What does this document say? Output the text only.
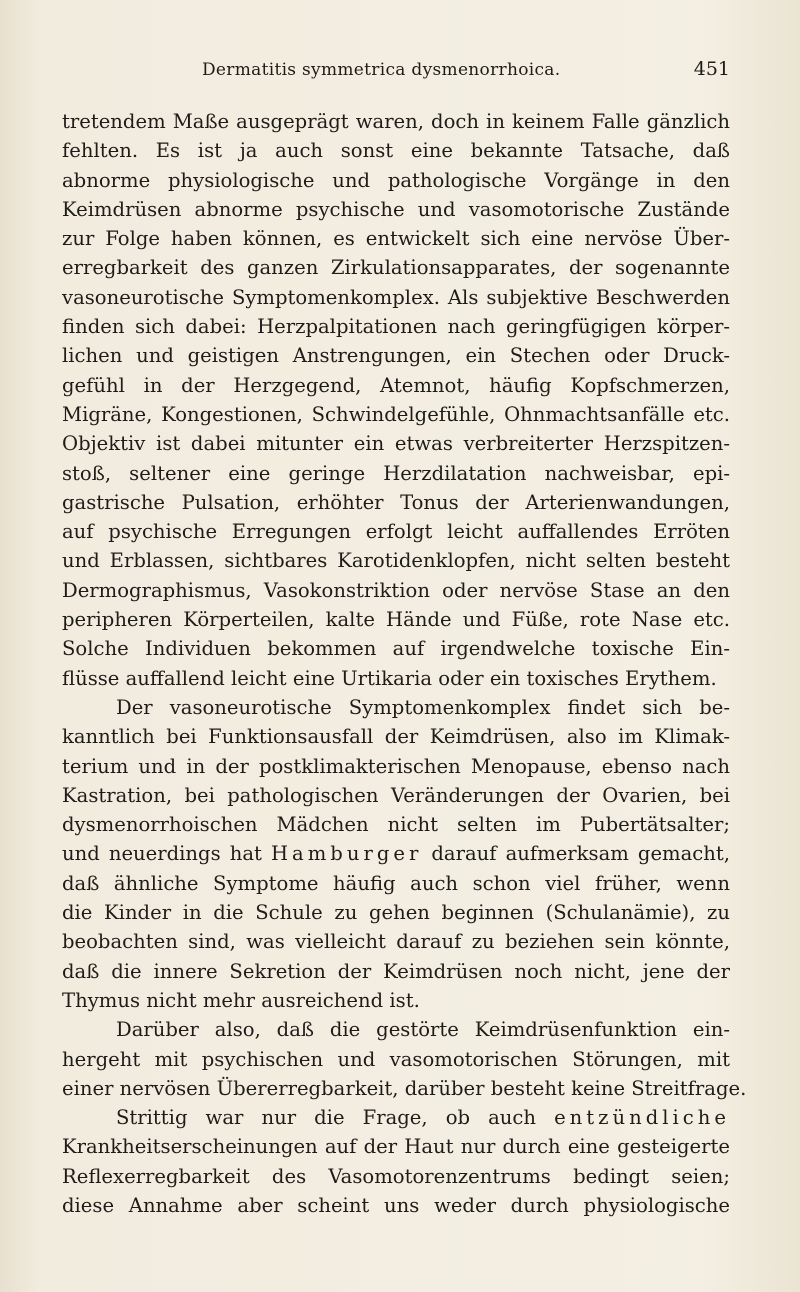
Dermatitis symmetrica dysmenorrhoica.	451
tretendem Maße ausgeprägt waren, doch in keinem Falle gänzlich
fehlten. Es ist ja auch sonst eine bekannte Tatsache, daß
abnorme physiologische und pathologische Vorgänge in den
Keimdrüsen abnorme psychische und vasomotorische Zustände
zur Folge haben können, es entwickelt sich eine nervöse Über-
erregbarkeit des ganzen Zirkulationsapparates, der sogenannte
vasoneurotische Symptomenkomplex. Als subjektive Beschwerden
finden sich dabei: Herzpalpitationen nach geringfügigen körper-
lichen und geistigen Anstrengungen, ein Stechen oder Druck-
gefühl in der Herzgegend, Atemnot, häufig Kopfschmerzen,
Migräne, Kongestionen, Schwindelgefühle, Ohnmachtsanfälle etc.
Objektiv ist dabei mitunter ein etwas verbreiterter Herzspitzen-
stoß, seltener eine geringe Herzdilatation nachweisbar, epi-
gastrische Pulsation, erhöhter Tonus der Arterienwandungen,
auf psychische Erregungen erfolgt leicht auffallendes Erröten
und Erblassen, sichtbares Karotidenklopfen, nicht selten besteht
Dermographismus, Vasokonstriktion oder nervöse Stase an den
peripheren Körperteilen, kalte Hände und Füße, rote Nase etc.
Solche Individuen bekommen auf irgendwelche toxische Ein-
flüsse auffallend leicht eine Urtikaria oder ein toxisches Erythem.
Der vasoneurotische Symptomenkomplex findet sich be-
kanntlich bei Funktionsausfall der Keimdrüsen, also im Klimak-
terium und in der postklimakterischen Menopause, ebenso nach
Kastration, bei pathologischen Veränderungen der Ovarien, bei
dysmenorrhoischen Mädchen nicht selten im Pubertätsalter;
und neuerdings hat Hamburger darauf aufmerksam gemacht,
daß ähnliche Symptome häufig auch schon viel früher, wenn
die Kinder in die Schule zu gehen beginnen (Schulanämie), zu
beobachten sind, was vielleicht darauf zu beziehen sein könnte,
daß die innere Sekretion der Keimdrüsen noch nicht, jene der
Thymus nicht mehr ausreichend ist.
Darüber also, daß die gestörte Keimdrüsenfunktion ein-
hergeht mit psychischen und vasomotorischen Störungen, mit
einer nervösen Übererregbarkeit, darüber besteht keine Streitfrage.
Strittig war nur die Frage, ob auch entzündliche
Krankheitserscheinungen auf der Haut nur durch eine gesteigerte
Reflexerregbarkeit des Vasomotorenzentrums bedingt seien;
diese Annahme aber scheint uns weder durch physiologische
